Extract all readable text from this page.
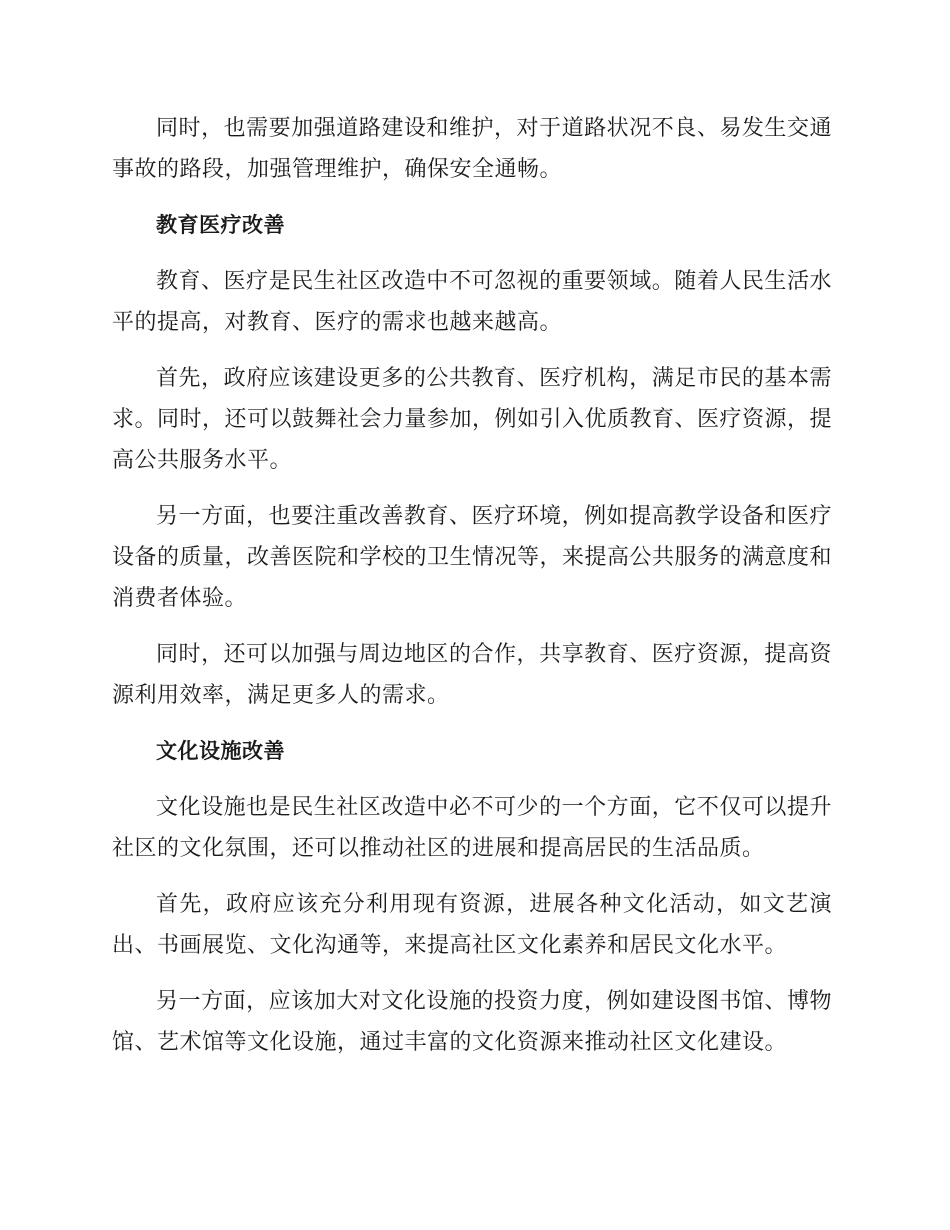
同时，也需要加强道路建设和维护，对于道路状况不良、易发生交通事故的路段，加强管理维护，确保安全通畅。

教育医疗改善

教育、医疗是民生社区改造中不可忽视的重要领域。随着人民生活水平的提高，对教育、医疗的需求也越来越高。

首先，政府应该建设更多的公共教育、医疗机构，满足市民的基本需求。同时，还可以鼓舞社会力量参加，例如引入优质教育、医疗资源，提高公共服务水平。

另一方面，也要注重改善教育、医疗环境，例如提高教学设备和医疗设备的质量，改善医院和学校的卫生情况等，来提高公共服务的满意度和消费者体验。

同时，还可以加强与周边地区的合作，共享教育、医疗资源，提高资源利用效率，满足更多人的需求。

文化设施改善

文化设施也是民生社区改造中必不可少的一个方面，它不仅可以提升社区的文化氛围，还可以推动社区的进展和提高居民的生活品质。

首先，政府应该充分利用现有资源，进展各种文化活动，如文艺演出、书画展览、文化沟通等，来提高社区文化素养和居民文化水平。

另一方面，应该加大对文化设施的投资力度，例如建设图书馆、博物馆、艺术馆等文化设施，通过丰富的文化资源来推动社区文化建设。
